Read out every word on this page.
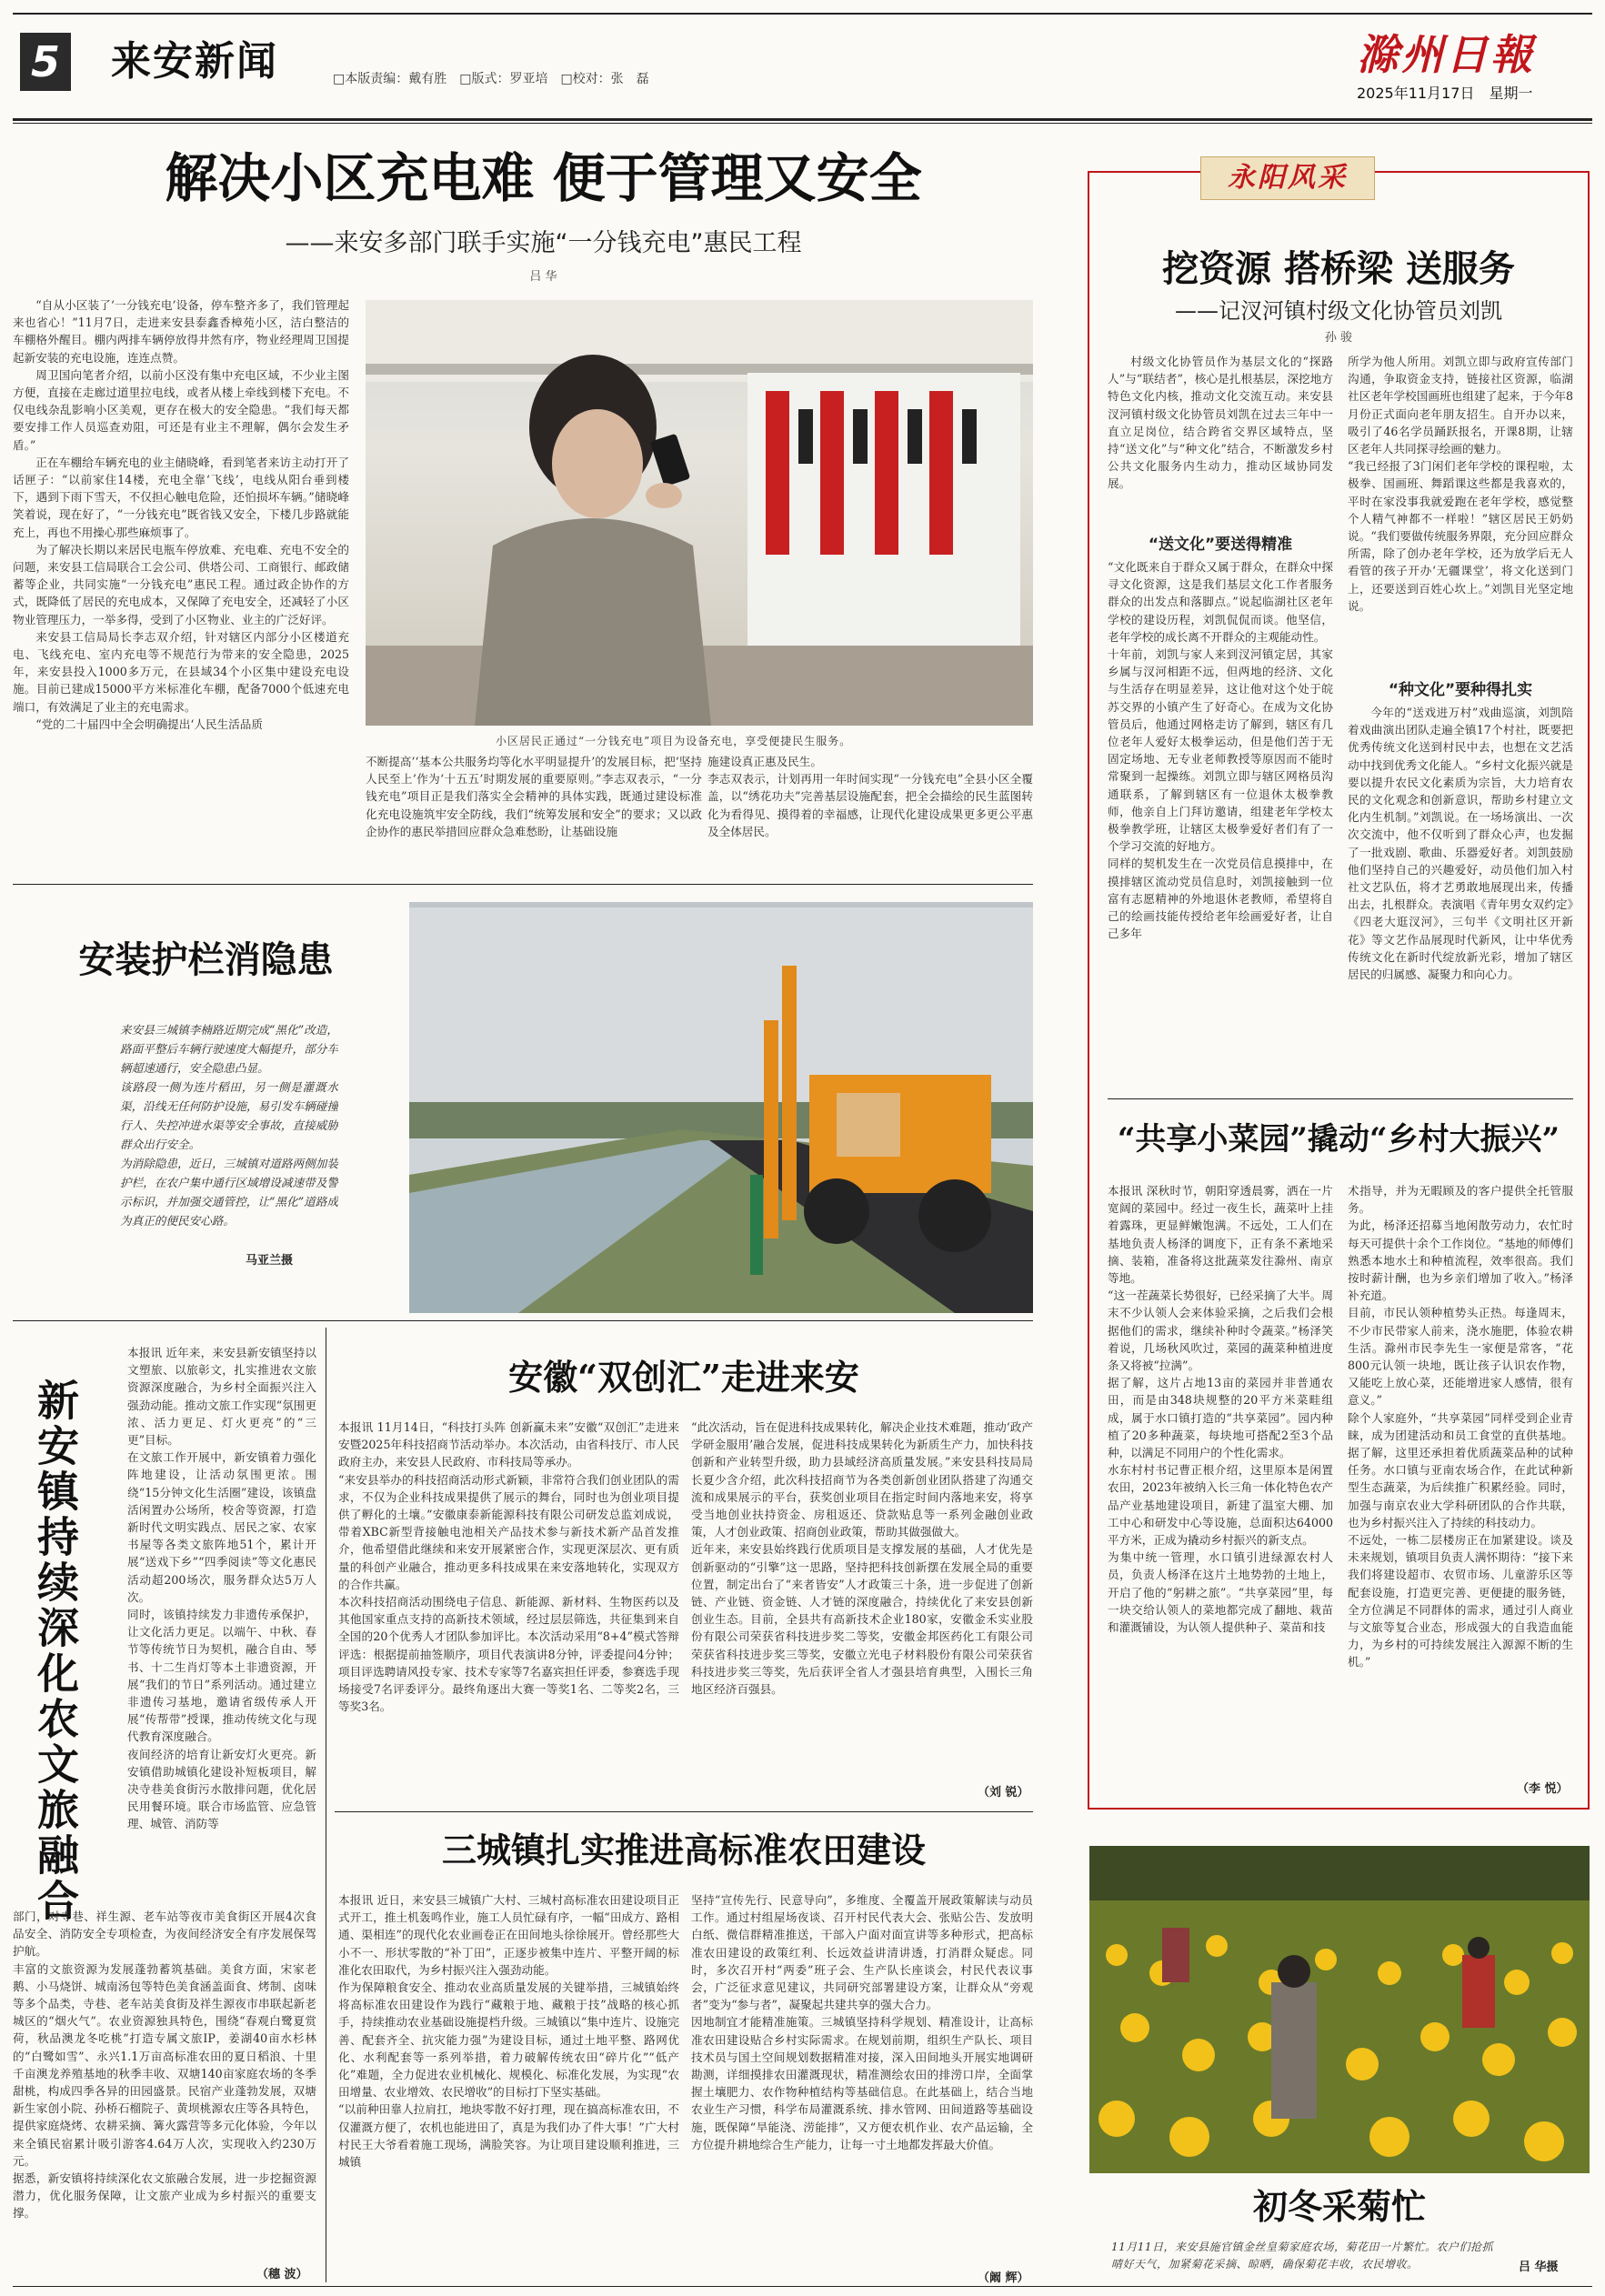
5 来安新闻	□本版责编：戴有胜　□版式：罗亚培　□校对：张　磊	滁州日報
2025年11月17日　星期一
解决小区充电难 便于管理又安全
——来安多部门联手实施“一分钱充电”惠民工程
吕 华

“自从小区装了‘一分钱充电’设备，停车整齐多了，我们管理起来也省心！”11月7日，走进来安县泰鑫香樟苑小区，洁白整洁的车棚格外醒目。棚内两排车辆停放得井然有序，物业经理周卫国提起新安装的充电设施，连连点赞。

周卫国向笔者介绍，以前小区没有集中充电区域，不少业主图方便，直接在走廊过道里拉电线，或者从楼上牵线到楼下充电。不仅电线杂乱影响小区美观，更存在极大的安全隐患。“我们每天都要安排工作人员巡查劝阻，可还是有业主不理解，偶尔会发生矛盾。”

正在车棚给车辆充电的业主储晓峰，看到笔者来访主动打开了话匣子：“以前家住14楼，充电全靠‘飞线’，电线从阳台垂到楼下，遇到下雨下雪天，不仅担心触电危险，还怕损坏车辆。”储晓峰笑着说，现在好了，“一分钱充电”既省钱又安全，下楼几步路就能充上，再也不用操心那些麻烦事了。

为了解决长期以来居民电瓶车停放难、充电难、充电不安全的问题，来安县工信局联合工会公司、供塔公司、工商银行、邮政储蓄等企业，共同实施“一分钱充电”惠民工程。通过政企协作的方式，既降低了居民的充电成本，又保障了充电安全，还减轻了小区物业管理压力，一举多得，受到了小区物业、业主的广泛好评。

来安县工信局局长李志双介绍，针对辖区内部分小区楼道充电、飞线充电、室内充电等不规范行为带来的安全隐患，2025年，来安县投入1000多万元，在县域34个小区集中建设充电设施。目前已建成15000平方米标准化车棚，配备7000个低速充电端口，有效满足了业主的充电需求。

“党的二十届四中全会明确提出‘人民生活品质

小区居民正通过“一分钱充电”项目为设备充电，享受便捷民生服务。
不断提高’‘基本公共服务均等化水平明显提升’的发展目标，把‘坚持人民至上’作为‘十五五’时期发展的重要原则。”李志双表示，“一分钱充电”项目正是我们落实全会精神的具体实践，既通过建设标准化充电设施筑牢安全防线，我们“统筹发展和安全”的要求；又以政企协作的惠民举措回应群众急难愁盼，让基础设施
施建设真正惠及民生。
李志双表示，计划再用一年时间实现“一分钱充电”全县小区全覆盖，以“绣花功夫”完善基层设施配套，把全会描绘的民生蓝图转化为看得见、摸得着的幸福感，让现代化建设成果更多更公平惠及全体居民。
安装护栏消隐患
来安县三城镇李楠路近期完成“黑化”改造，路面平整后车辆行驶速度大幅提升，部分车辆超速通行，安全隐患凸显。
该路段一侧为连片稻田，另一侧是灌溉水渠，沿线无任何防护设施，易引发车辆碰撞行人、失控冲进水渠等安全事故，直接威胁群众出行安全。
为消除隐患，近日，三城镇对道路两侧加装护栏，在农户集中通行区域增设减速带及警示标识，并加强交通管控，让“黑化”道路成为真正的便民安心路。
马亚兰摄
新安镇持续深化农文旅融合
本报讯 近年来，来安县新安镇坚持以文塑旅、以旅彰文，扎实推进农文旅资源深度融合，为乡村全面振兴注入强劲动能。推动文旅工作实现“氛围更浓、活力更足、灯火更亮”的“三更”目标。
在文旅工作开展中，新安镇着力强化阵地建设，让活动氛围更浓。围绕“15分钟文化生活圈”建设，该镇盘活闲置办公场所，校舍等资源，打造新时代文明实践点、居民之家、农家书屋等各类文旅阵地51个，累计开展“送戏下乡”“四季阅读”等文化惠民活动超200场次，服务群众达5万人次。
同时，该镇持续发力非遗传承保护，让文化活力更足。以端午、中秋、春节等传统节日为契机，融合自由、琴书、十二生肖灯等本土非遗资源，开展“我们的节日”系列活动。通过建立非遗传习基地，邀请省级传承人开展“传帮带”授课，推动传统文化与现代教育深度融合。
夜间经济的培育让新安灯火更亮。新安镇借助城镇化建设补短板项目，解决寺巷美食街污水散排问题，优化居民用餐环境。联合市场监管、应急管理、城管、消防等
部门，对寺巷、祥生源、老车站等夜市美食街区开展4次食品安全、消防安全专项检查，为夜间经济安全有序发展保驾护航。
丰富的文旅资源为发展蓬勃蓄筑基础。美食方面，宋家老鹅、小马烧饼、城南汤包等特色美食涵盖面食、烤制、卤味等多个品类，寺巷、老车站美食街及祥生源夜市串联起新老城区的“烟火气”。农业资源独具特色，围绕“春观白鹭夏赏荷，秋品澳龙冬吃桃”打造专属文旅IP，姜湖40亩水杉林的“白鹭如雪”、永兴1.1万亩高标准农田的夏日稻浪、十里千亩澳龙养殖基地的秋季丰收、双塘140亩家庭农场的冬季甜桃，构成四季各异的田园盛景。民宿产业蓬勃发展，双塘新生家创小院、孙桥石榴院子、黄坝桃源农庄等各具特色，提供家庭烧烤、农耕采摘、篝火露营等多元化体验，今年以来全镇民宿累计吸引游客4.64万人次，实现收入约230万元。
据悉，新安镇将持续深化农文旅融合发展，进一步挖掘资源潜力，优化服务保障，让文旅产业成为乡村振兴的重要支撑。
（穗 波）
安徽“双创汇”走进来安
本报讯 11月14日，“科技打头阵 创新赢未来”安徽“双创汇”走进来安暨2025年科技招商节活动举办。本次活动，由省科技厅、市人民政府主办，来安县人民政府、市科技局等承办。
“来安县举办的科技招商活动形式新颖，非常符合我们创业团队的需求，不仅为企业科技成果提供了展示的舞台，同时也为创业项目提供了孵化的土壤。”安徽康泰新能源科技有限公司研发总监刘成说，带着XBC新型背接触电池相关产品技术参与新技术新产品首发推介，他希望借此继续和来安开展紧密合作，实现更深层次、更有质量的科创产业融合，推动更多科技成果在来安落地转化，实现双方的合作共赢。
本次科技招商活动围绕电子信息、新能源、新材料、生物医药以及其他国家重点支持的高新技术领域，经过层层筛选，共征集到来自全国的20个优秀人才团队参加评比。本次活动采用“8+4”模式答辩评选：根据提前抽签顺序，项目代表演讲8分钟，评委提问4分钟；项目评选聘请风投专家、技术专家等7名嘉宾担任评委，参赛选手现场接受7名评委评分。最终角逐出大赛一等奖1名、二等奖2名，三等奖3名。
“此次活动，旨在促进科技成果转化，解决企业技术难题，推动‘政产学研金服用’融合发展，促进科技成果转化为新质生产力，加快科技创新和产业转型升级，助力县域经济高质量发展。”来安县科技局局长夏少含介绍，此次科技招商节为各类创新创业团队搭建了沟通交流和成果展示的平台，获奖创业项目在指定时间内落地来安，将享受当地创业扶持资金、房租返还、贷款贴息等一系列金融创业政策，人才创业政策、招商创业政策，帮助其做强做大。
近年来，来安县始终践行优质项目是支撑发展的基础，人才优先是创新驱动的“引擎”这一思路，坚持把科技创新摆在发展全局的重要位置，制定出台了“来者皆安”人才政策三十条，进一步促进了创新链、产业链、资金链、人才链的深度融合，持续优化了来安县创新创业生态。目前，全县共有高新技术企业180家，安徽金禾实业股份有限公司荣获省科技进步奖二等奖，安徽金邦医药化工有限公司荣获省科技进步奖三等奖，安徽立光电子材料股份有限公司荣获省科技进步奖三等奖，先后获评全省人才强县培育典型，入围长三角地区经济百强县。
（刘 锐）
三城镇扎实推进高标准农田建设
本报讯 近日，来安县三城镇广大村、三城村高标准农田建设项目正式开工，推土机轰鸣作业，施工人员忙碌有序，一幅“田成方、路相通、渠相连”的现代化农业画卷正在田间地头徐徐展开。曾经那些大小不一、形状零散的“补丁田”，正逐步被集中连片、平整开阔的标准化农田取代，为乡村振兴注入强劲动能。
作为保障粮食安全、推动农业高质量发展的关键举措，三城镇始终将高标准农田建设作为践行“藏粮于地、藏粮于技”战略的核心抓手，持续推动农业基础设施提档升级。三城镇以“集中连片、设施完善、配套齐全、抗灾能力强”为建设目标，通过土地平整、路网优化、水利配套等一系列举措，着力破解传统农田“碎片化”“低产化”难题，全力促进农业机械化、规模化、标准化发展，为实现“农田增量、农业增效、农民增收”的目标打下坚实基础。
“以前种田靠人拉肩扛，地块零散不好打理，现在搞高标准农田，不仅灌溉方便了，农机也能进田了，真是为我们办了件大事！”广大村村民王大爷看着施工现场，满脸笑容。为让项目建设顺利推进，三城镇
坚持“宣传先行、民意导向”，多维度、全覆盖开展政策解读与动员工作。通过村组屋场夜谈、召开村民代表大会、张贴公告、发放明白纸、微信群精准推送，干部入户面对面宣讲等多种形式，把高标准农田建设的政策红利、长远效益讲清讲透，打消群众疑虑。同时，多次召开村“两委”班子会、生产队长座谈会，村民代表议事会，广泛征求意见建议，共同研究部署建设方案，让群众从“旁观者”变为“参与者”，凝聚起共建共享的强大合力。
因地制宜才能精准施策。三城镇坚持科学规划、精准设计，让高标准农田建设贴合乡村实际需求。在规划前期，组织生产队长、项目技术员与国土空间规划数据精准对接，深入田间地头开展实地调研勘测，详细摸排农田灌溉现状，精准测绘农田的排涝口岸，全面掌握土壤肥力、农作物种植结构等基础信息。在此基础上，结合当地农业生产习惯，科学布局灌溉系统、排水管网、田间道路等基础设施，既保障“旱能浇、涝能排”，又方便农机作业、农产品运输，全方位提升耕地综合生产能力，让每一寸土地都发挥最大价值。
（阚 辉）
永阳风采
挖资源 搭桥梁 送服务
——记汊河镇村级文化协管员刘凯
孙 骏
村级文化协管员作为基层文化的“探路人”与“联结者”，核心是扎根基层，深挖地方特色文化内核，推动文化交流互动。来安县汊河镇村级文化协管员刘凯在过去三年中一直立足岗位，结合跨省交界区域特点，坚持“送文化”与“种文化”结合，不断激发乡村公共文化服务内生动力，推动区域协同发展。
“送文化”要送得精准
“文化既来自于群众又属于群众，在群众中探寻文化资源，这是我们基层文化工作者服务群众的出发点和落脚点。”说起临湖社区老年学校的建设历程，刘凯侃侃而谈。他坚信，老年学校的成长离不开群众的主观能动性。
十年前，刘凯与家人来到汊河镇定居，其家乡属与汊河相距不远，但两地的经济、文化与生活存在明显差异，这让他对这个处于皖苏交界的小镇产生了好奇心。在成为文化协管员后，他通过网格走访了解到，辖区有几位老年人爱好太极拳运动，但是他们苦于无固定场地、无专业老师教授等原因而不能时常聚到一起操练。刘凯立即与辖区网格员沟通联系，了解到辖区有一位退休太极拳教师，他亲自上门拜访邀请，组建老年学校太极拳教学班，让辖区太极拳爱好者们有了一个学习交流的好地方。
同样的契机发生在一次党员信息摸排中，在摸排辖区流动党员信息时，刘凯接触到一位富有志愿精神的外地退休老教师，希望将自己的绘画技能传授给老年绘画爱好者，让自己多年
所学为他人所用。刘凯立即与政府宣传部门沟通，争取资金支持，链接社区资源，临湖社区老年学校国画班也组建了起来，于今年8月份正式面向老年朋友招生。自开办以来，吸引了46名学员踊跃报名，开课8期，让辖区老年人共同探寻绘画的魅力。
“我已经报了3门闲们老年学校的课程啦，太极拳、国画班、舞蹈课这些都是我喜欢的，平时在家没事我就爱跑在老年学校，感觉整个人精气神都不一样啦！”辖区居民王奶奶说。“我们要做传统服务界限，充分回应群众所需，除了创办老年学校，还为放学后无人看管的孩子开办‘无疆课堂’，将文化送到门上，还要送到百姓心坎上。”刘凯目光坚定地说。
“种文化”要种得扎实
今年的“送戏进万村”戏曲巡演，刘凯陪着戏曲演出团队走遍全镇17个村社，既要把优秀传统文化送到村民中去，也想在文艺活动中找到优秀文化能人。“乡村文化振兴就是要以提升农民文化素质为宗旨，大力培育农民的文化观念和创新意识，帮助乡村建立文化内生机制。”刘凯说。在一场场演出、一次次交流中，他不仅听到了群众心声，也发掘了一批戏剧、歌曲、乐器爱好者。刘凯鼓励他们坚持自己的兴趣爱好，动员他们加入村社文艺队伍，将才艺勇敢地展现出来，传播出去，扎根群众。表演唱《青年男女双约定》《四老大逛汊河》，三句半《文明社区开新花》等文艺作品展现时代新风，让中华优秀传统文化在新时代绽放新光彩，增加了辖区居民的归属感、凝聚力和向心力。
“共享小菜园”撬动“乡村大振兴”
本报讯 深秋时节，朝阳穿透晨雾，洒在一片宽阔的菜园中。经过一夜生长，蔬菜叶上挂着露珠，更显鲜嫩饱满。不远处，工人们在基地负责人杨泽的调度下，正有条不紊地采摘、装箱，准备将这批蔬菜发往滁州、南京等地。
“这一茬蔬菜长势很好，已经采摘了大半。周末不少认领人会来体验采摘，之后我们会根据他们的需求，继续补种时令蔬菜。”杨泽笑着说，几场秋风吹过，菜园的蔬菜种植进度条又将被“拉满”。
据了解，这片占地13亩的菜园并非普通农田，而是由348块规整的20平方米菜畦组成，属于水口镇打造的“共享菜园”。园内种植了20多种蔬菜，每块地可搭配2至3个品种，以满足不同用户的个性化需求。
水东村村书记曹正根介绍，这里原本是闲置农田，2023年被纳入长三角一体化特色农产品产业基地建设项目，新建了温室大棚、加工中心和研发中心等设施，总面积达64000平方米，正成为撬动乡村振兴的新支点。
为集中统一管理，水口镇引进绿源农村人员，负责人杨泽在这片土地势勃的土地上，开启了他的“躬耕之旅”。“共享菜园”里，每一块交给认领人的菜地都完成了翻地、栽苗和灌溉铺设，为认领人提供种子、菜苗和技
术指导，并为无暇顾及的客户提供全托管服务。
为此，杨泽还招募当地闲散劳动力，农忙时每天可提供十余个工作岗位。“基地的师傅们熟悉本地水土和种植流程，效率很高。我们按时薪计酬，也为乡亲们增加了收入。”杨泽补充道。
目前，市民认领种植势头正热。每逢周末，不少市民带家人前来，浇水施肥，体验农耕生活。滁州市民李先生一家便是常客，“花800元认领一块地，既让孩子认识农作物，又能吃上放心菜，还能增进家人感情，很有意义。”
除个人家庭外，“共享菜园”同样受到企业青睐，成为团建活动和员工食堂的直供基地。据了解，这里还承担着优质蔬菜品种的试种任务。水口镇与亚南农场合作，在此试种新型生态蔬菜，为后续推广积累经验。同时，加强与南京农业大学科研团队的合作共联，也为乡村振兴注入了持续的科技动力。
不远处，一栋二层楼房正在加紧建设。谈及未来规划，镇项目负责人满怀期待：“接下来我们将建设超市、农贸市场、儿童游乐区等配套设施，打造更完善、更便捷的服务链，全方位满足不同群体的需求，通过引人商业与文旅等复合业态，形成强大的自我造血能力，为乡村的可持续发展注入源源不断的生机。”
（李 悦）
初冬采菊忙
11月11日，来安县施官镇金丝皇菊家庭农场，菊花田一片繁忙。农户们抢抓晴好天气，加紧菊花采摘、晾晒，确保菊花丰收，农民增收。	吕 华摄
